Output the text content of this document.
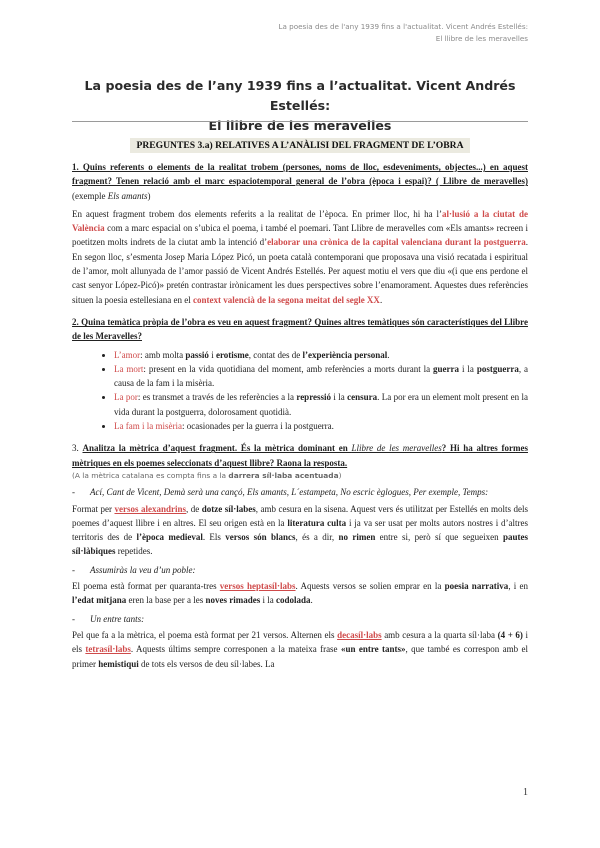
La poesia des de l'any 1939 fins a l'actualitat. Vicent Andrés Estellés:
El llibre de les meravelles
La poesia des de l’any 1939 fins a l’actualitat. Vicent Andrés Estellés:
El llibre de les meravelles
PREGUNTES 3.a) RELATIVES A L’ANÀLISI DEL FRAGMENT DE L’OBRA

1. Quins referents o elements de la realitat trobem (persones, noms de lloc, esdeveniments, objectes...) en aquest fragment? Tenen relació amb el marc espaciotemporal general de l’obra (època i espai)? ( Llibre de meravelles) (exemple Els amants)

En aquest fragment trobem dos elements referits a la realitat de l’època. En primer lloc, hi ha l’al·lusió a la ciutat de València com a marc espacial on s’ubica el poema, i també el poemari. Tant Llibre de meravelles com «Els amants» recreen i poetitzen molts indrets de la ciutat amb la intenció d’elaborar una crònica de la capital valenciana durant la postguerra. En segon lloc, s’esmenta Josep Maria López Picó, un poeta català contemporani que proposava una visió recatada i espiritual de l’amor, molt allunyada de l’amor passió de Vicent Andrés Estellés. Per aquest motiu el vers que diu «(i que ens perdone el cast senyor López-Picó)» pretén contrastar irònicament les dues perspectives sobre l’enamorament. Aquestes dues referències situen la poesia estellesiana en el context valencià de la segona meitat del segle XX.

2. Quina temàtica pròpia de l’obra es veu en aquest fragment? Quines altres temàtiques són característiques del Llibre de les Meravelles?

• L’amor: amb molta passió i erotisme, contat des de l’experiència personal.
• La mort: present en la vida quotidiana del moment, amb referències a morts durant la guerra i la postguerra, a causa de la fam i la misèria.
• La por: es transmet a través de les referències a la repressió i la censura. La por era un element molt present en la vida durant la postguerra, dolorosament quotidià.
• La fam i la misèria: ocasionades per la guerra i la postguerra.

3. Analitza la mètrica d’aquest fragment. És la mètrica dominant en Llibre de les meravelles? Hi ha altres formes mètriques en els poemes seleccionats d’aquest llibre? Raona la resposta.

(A la mètrica catalana es compta fins a la darrera síl·laba acentuada)
- Ací, Cant de Vicent, Demà serà una cançó, Els amants, L´estampeta, No escric èglogues, Per exemple, Temps:

Format per versos alexandrins, de dotze síl·labes, amb cesura en la sisena. Aquest vers és utilitzat per Estellés en molts dels poemes d’aquest llibre i en altres. El seu origen està en la literatura culta i ja va ser usat per molts autors nostres i d’altres territoris des de l’època medieval. Els versos són blancs, és a dir, no rimen entre si, però sí que segueixen pautes síl·làbiques repetides.

- Assumiràs la veu d’un poble:

El poema està format per quaranta-tres versos heptasíl·labs. Aquests versos se solien emprar en la poesia narrativa, i en l’edat mitjana eren la base per a les noves rimades i la codolada.

- Un entre tants:

Pel que fa a la mètrica, el poema està format per 21 versos. Alternen els decasíl·labs amb cesura a la quarta síl·laba (4 + 6) i els tetrasíl·labs. Aquests últims sempre corresponen a la mateixa frase «un entre tants», que també es correspon amb el primer hemistiqui de tots els versos de deu síl·labes. La

1
